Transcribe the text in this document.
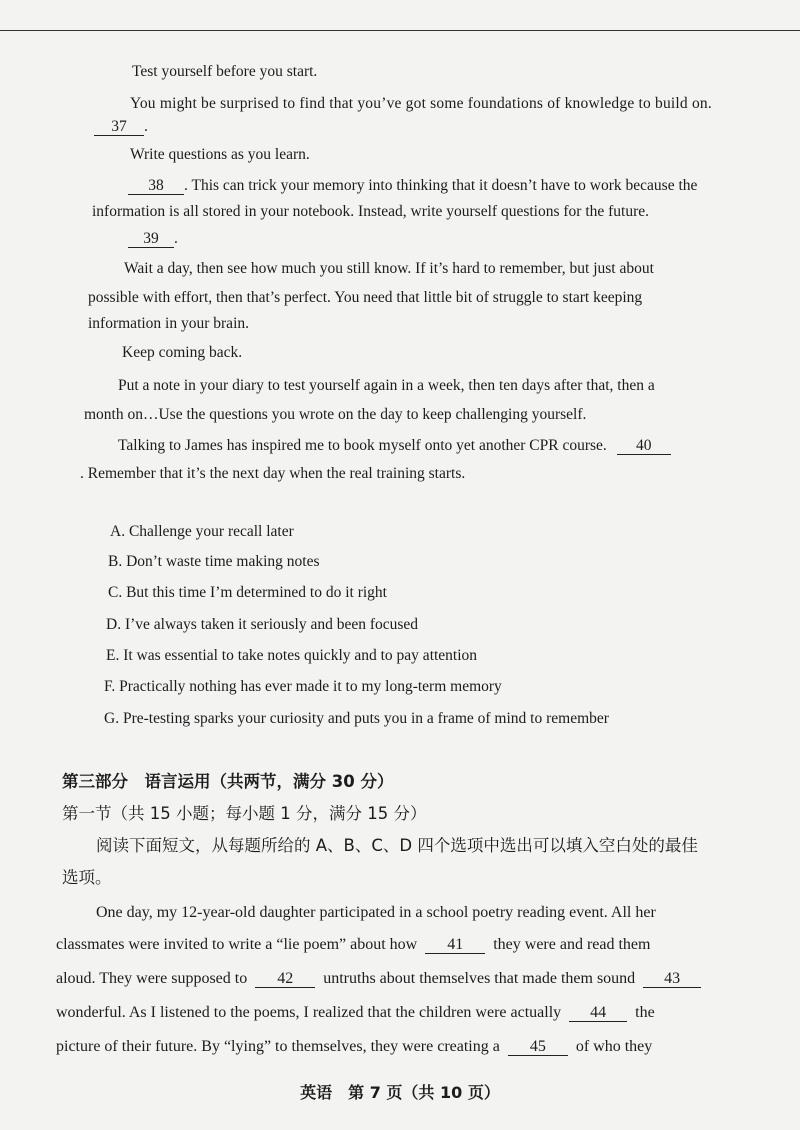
Test yourself before you start.
You might be surprised to find that you’ve got some foundations of knowledge to build on.
37 .
Write questions as you learn.
38 . This can trick your memory into thinking that it doesn’t have to work because the
information is all stored in your notebook. Instead, write yourself questions for the future.
39 .
Wait a day, then see how much you still know. If it’s hard to remember, but just about
possible with effort, then that’s perfect. You need that little bit of struggle to start keeping
information in your brain.
Keep coming back.
Put a note in your diary to test yourself again in a week, then ten days after that, then a
month on…Use the questions you wrote on the day to keep challenging yourself.
Talking to James has inspired me to book myself onto yet another CPR course. 40
. Remember that it’s the next day when the real training starts.
A. Challenge your recall later
B. Don’t waste time making notes
C. But this time I’m determined to do it right
D. I’ve always taken it seriously and been focused
E. It was essential to take notes quickly and to pay attention
F. Practically nothing has ever made it to my long-term memory
G. Pre-testing sparks your curiosity and puts you in a frame of mind to remember
第三部分　语言运用（共两节，满分 30 分）
第一节（共 15 小题；每小题 1 分，满分 15 分）
阅读下面短文，从每题所给的 A、B、C、D 四个选项中选出可以填入空白处的最佳
选项。
One day, my 12-year-old daughter participated in a school poetry reading event. All her
classmates were invited to write a “lie poem” about how 41 they were and read them
aloud. They were supposed to 42 untruths about themselves that made them sound 43
wonderful. As I listened to the poems, I realized that the children were actually 44 the
picture of their future. By “lying” to themselves, they were creating a 45 of who they
英语　第 7 页（共 10 页）
